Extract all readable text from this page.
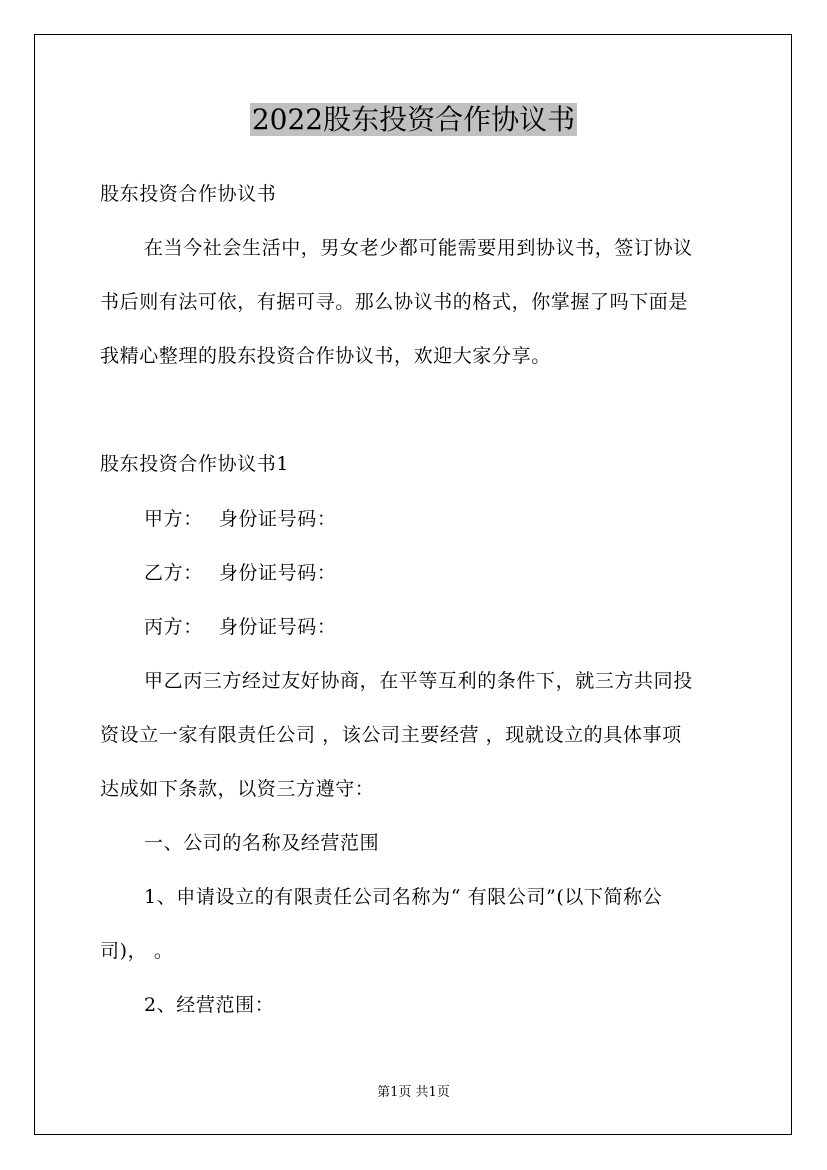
2022股东投资合作协议书
股东投资合作协议书
在当今社会生活中，男女老少都可能需要用到协议书，签订协议
书后则有法可依，有据可寻。那么协议书的格式，你掌握了吗下面是
我精心整理的股东投资合作协议书，欢迎大家分享。
股东投资合作协议书1
甲方： 身份证号码：
乙方： 身份证号码：
丙方： 身份证号码：
甲乙丙三方经过友好协商，在平等互利的条件下，就三方共同投
资设立一家有限责任公司 ，该公司主要经营 ，现就设立的具体事项
达成如下条款，以资三方遵守：
一、公司的名称及经营范围
1、申请设立的有限责任公司名称为“ 有限公司”(以下简称公
司)， 。
2、经营范围：
第1页 共1页
